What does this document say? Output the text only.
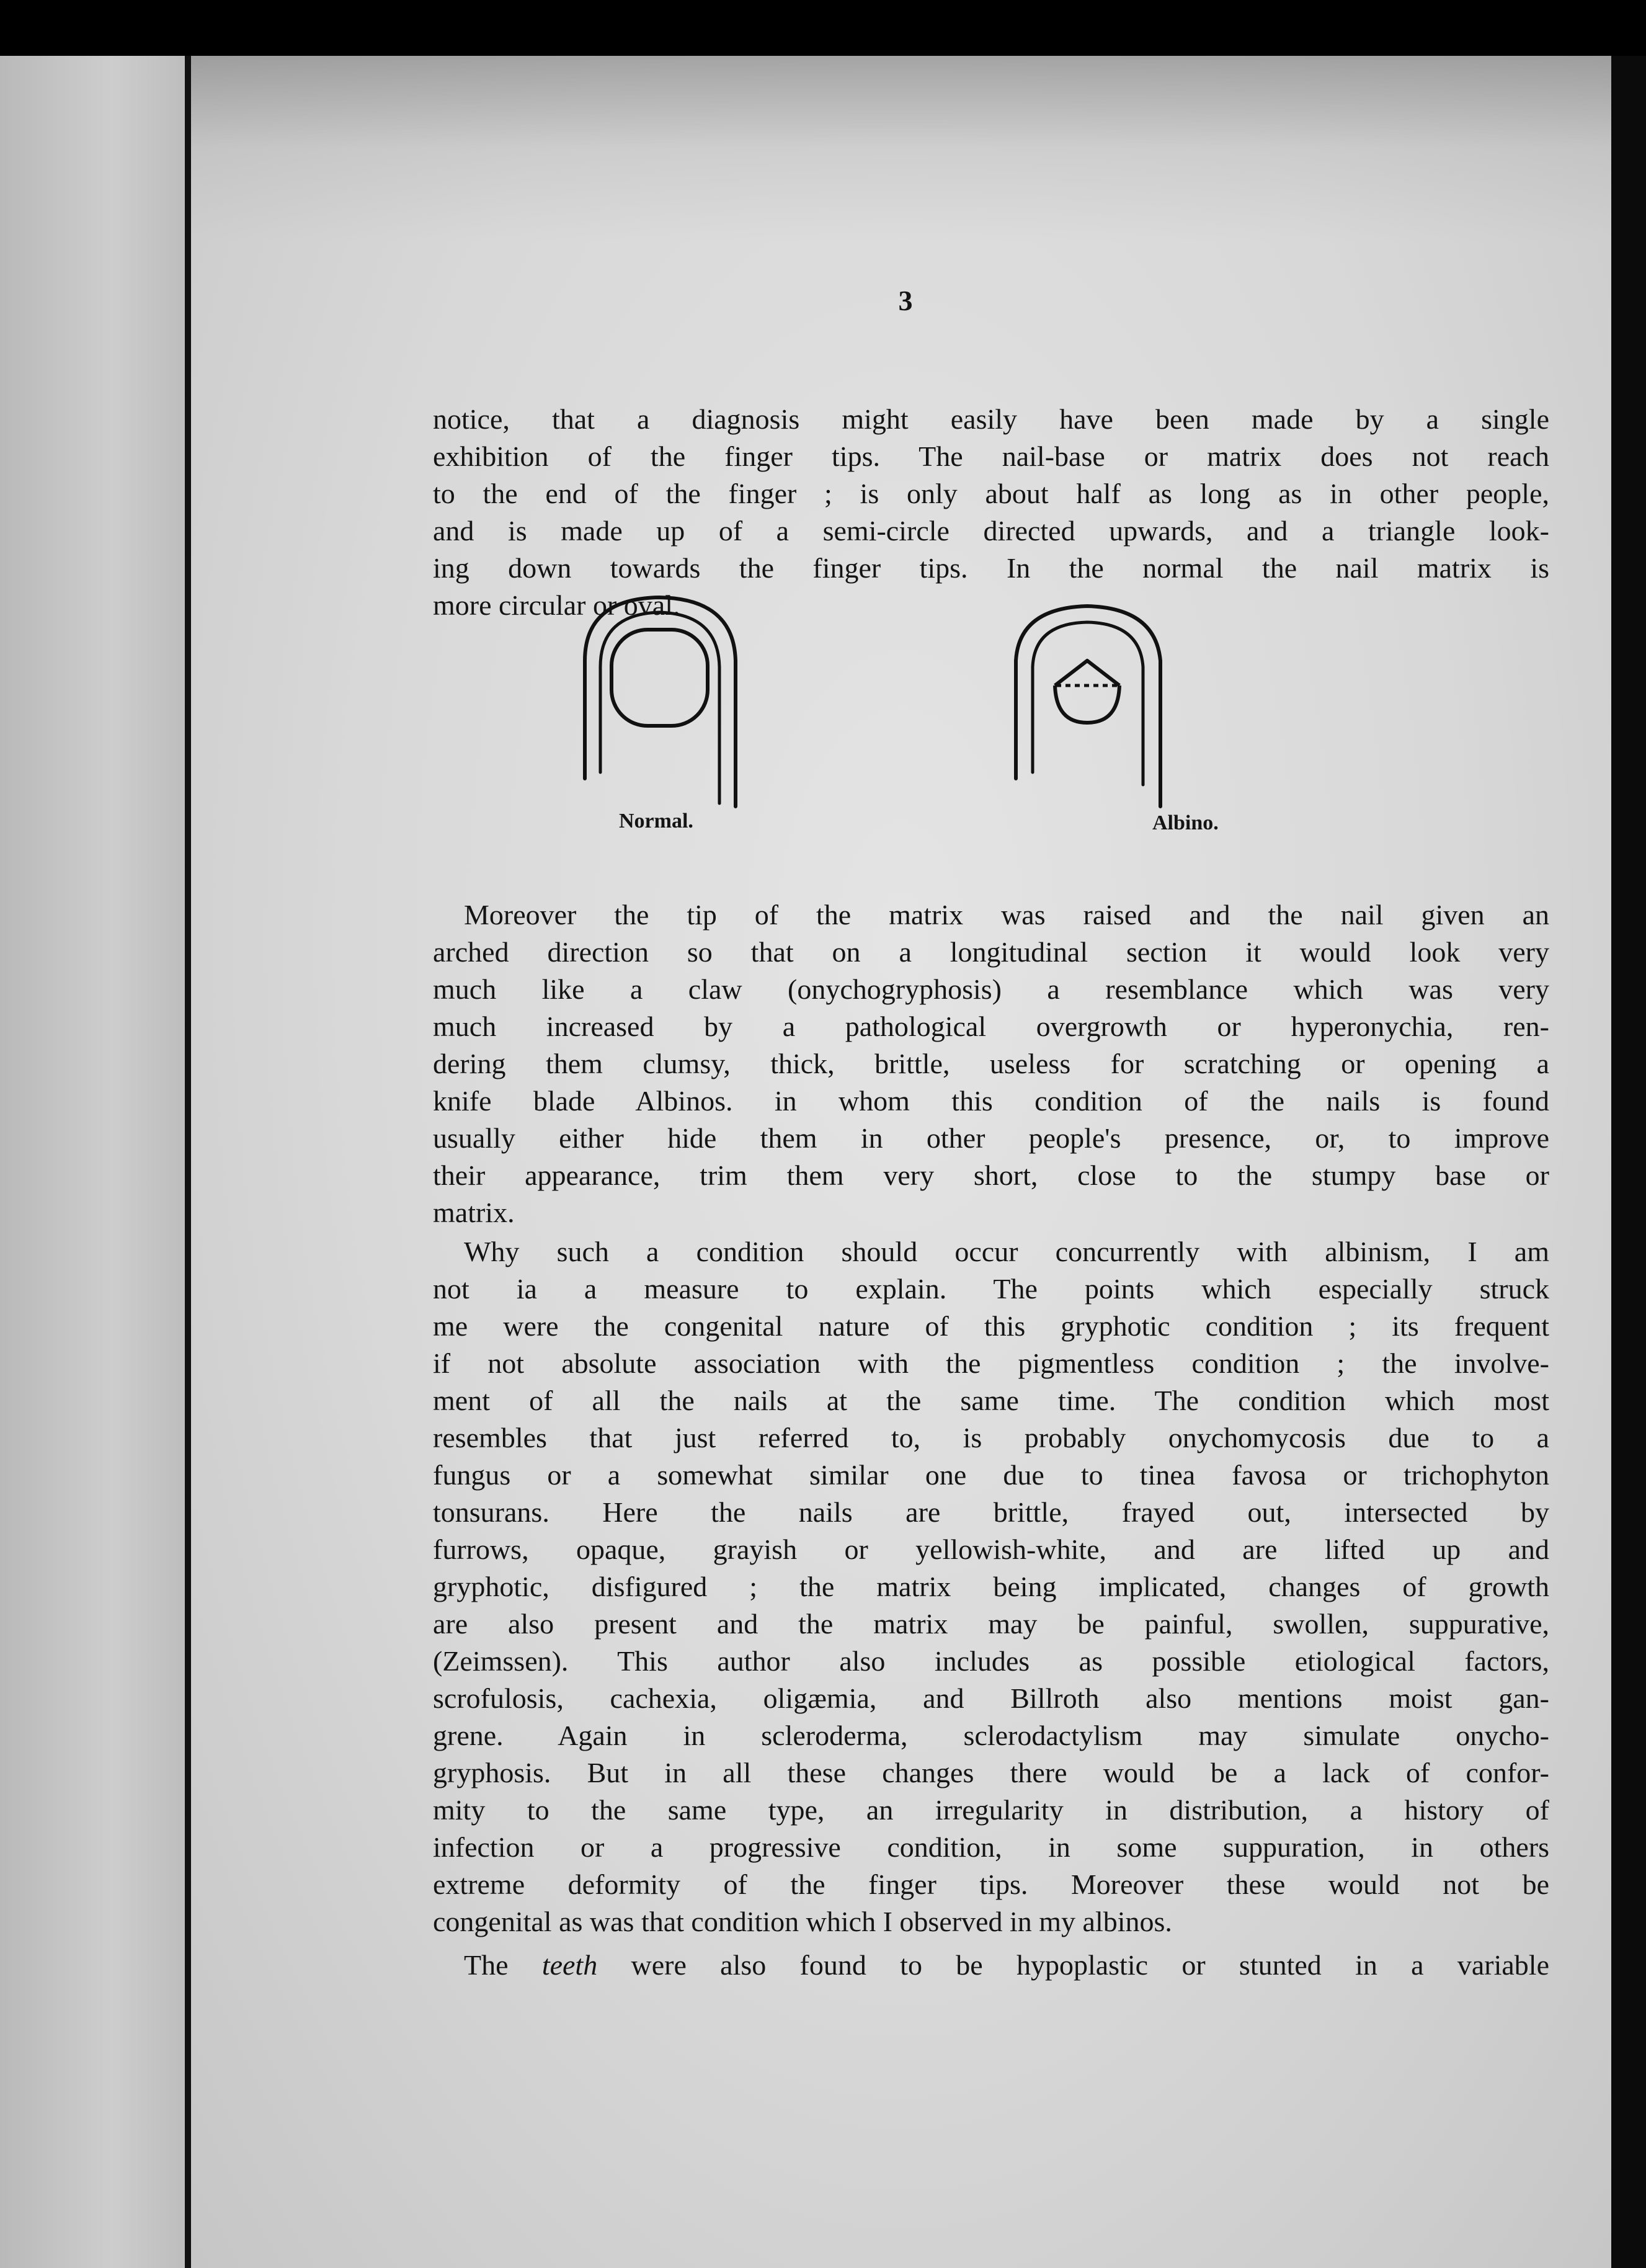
3
notice, that a diagnosis might easily have been made by a single
exhibition of the finger tips. The nail-base or matrix does not reach
to the end of the finger ; is only about half as long as in other people,
and is made up of a semi-circle directed upwards, and a triangle look-
ing down towards the finger tips. In the normal the nail matrix is
more circular or oval.
Normal.	Albino.
Moreover the tip of the matrix was raised and the nail given an
arched direction so that on a longitudinal section it would look very
much like a claw (onychogryphosis) a resemblance which was very
much increased by a pathological overgrowth or hyperonychia, ren-
dering them clumsy, thick, brittle, useless for scratching or opening a
knife blade Albinos. in whom this condition of the nails is found
usually either hide them in other people's presence, or, to improve
their appearance, trim them very short, close to the stumpy base or
matrix.
Why such a condition should occur concurrently with albinism, I am
not ia a measure to explain. The points which especially struck
me were the congenital nature of this gryphotic condition ; its frequent
if not absolute association with the pigmentless condition ; the involve-
ment of all the nails at the same time. The condition which most
resembles that just referred to, is probably onychomycosis due to a
fungus or a somewhat similar one due to tinea favosa or trichophyton
tonsurans. Here the nails are brittle, frayed out, intersected by
furrows, opaque, grayish or yellowish-white, and are lifted up and
gryphotic, disfigured ; the matrix being implicated, changes of growth
are also present and the matrix may be painful, swollen, suppurative,
(Zeimssen). This author also includes as possible etiological factors,
scrofulosis, cachexia, oligæmia, and Billroth also mentions moist gan-
grene. Again in scleroderma, sclerodactylism may simulate onycho-
gryphosis. But in all these changes there would be a lack of confor-
mity to the same type, an irregularity in distribution, a history of
infection or a progressive condition, in some suppuration, in others
extreme deformity of the finger tips. Moreover these would not be
congenital as was that condition which I observed in my albinos.
The teeth were also found to be hypoplastic or stunted in a variable
